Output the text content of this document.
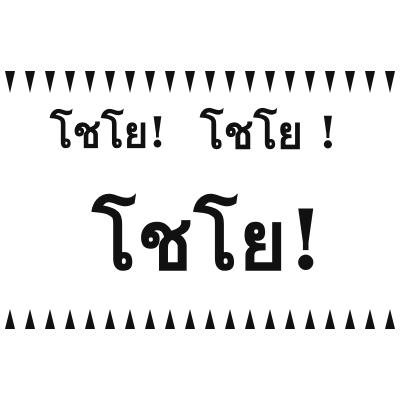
โชโย! โชโย !

โชโย!
